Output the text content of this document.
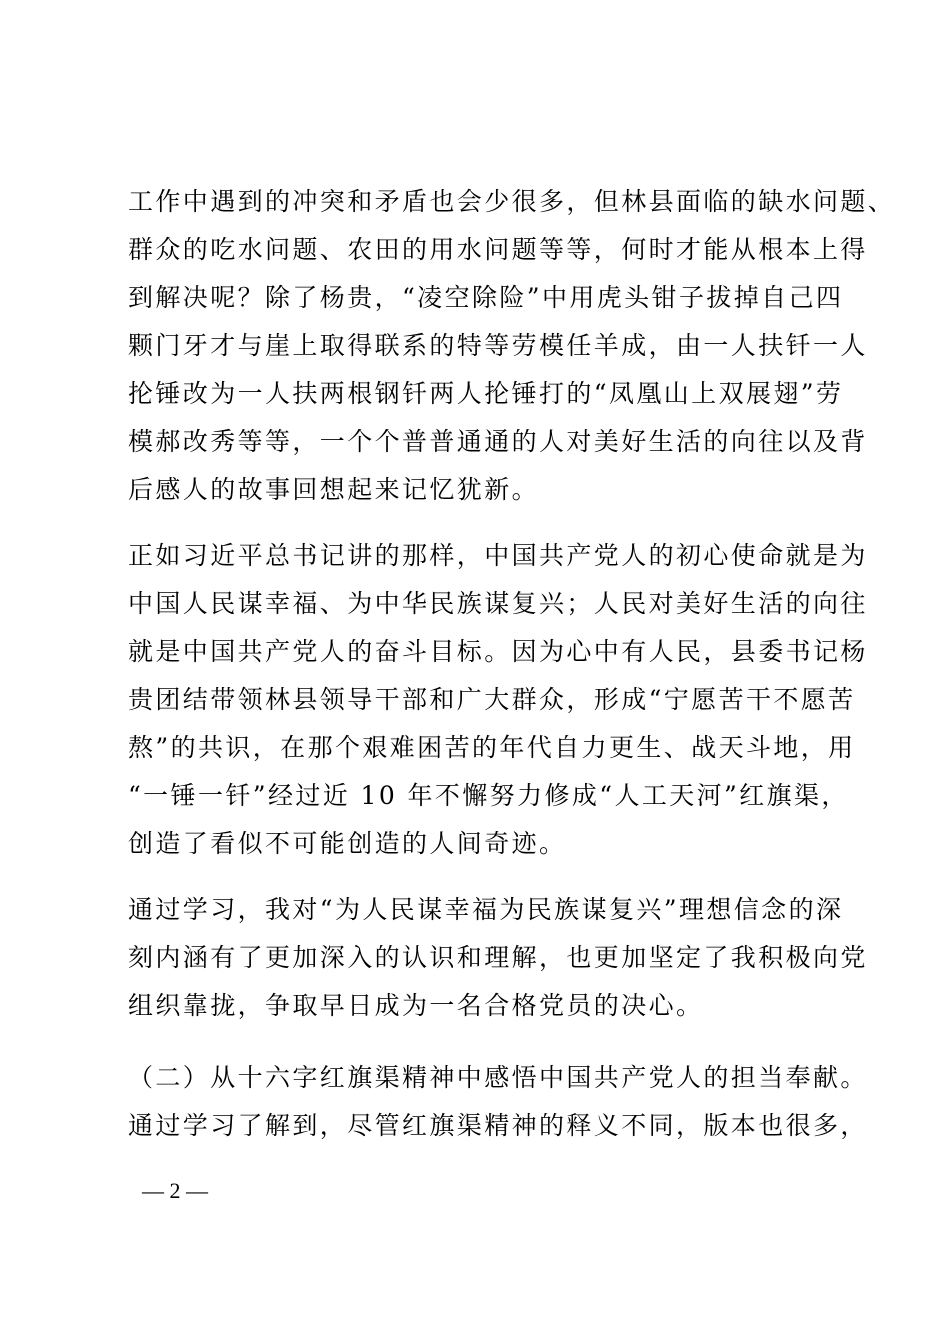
工作中遇到的冲突和矛盾也会少很多，但林县面临的缺水问题、
群众的吃水问题、农田的用水问题等等，何时才能从根本上得
到解决呢？除了杨贵，“凌空除险”中用虎头钳子拔掉自己四
颗门牙才与崖上取得联系的特等劳模任羊成，由一人扶钎一人
抡锤改为一人扶两根钢钎两人抡锤打的“凤凰山上双展翅”劳
模郝改秀等等，一个个普普通通的人对美好生活的向往以及背
后感人的故事回想起来记忆犹新。
正如习近平总书记讲的那样，中国共产党人的初心使命就是为
中国人民谋幸福、为中华民族谋复兴；人民对美好生活的向往
就是中国共产党人的奋斗目标。因为心中有人民，县委书记杨
贵团结带领林县领导干部和广大群众，形成“宁愿苦干不愿苦
熬”的共识，在那个艰难困苦的年代自力更生、战天斗地，用
“一锤一钎”经过近 10 年不懈努力修成“人工天河”红旗渠，
创造了看似不可能创造的人间奇迹。
通过学习，我对“为人民谋幸福为民族谋复兴”理想信念的深
刻内涵有了更加深入的认识和理解，也更加坚定了我积极向党
组织靠拢，争取早日成为一名合格党员的决心。
（二）从十六字红旗渠精神中感悟中国共产党人的担当奉献。
通过学习了解到，尽管红旗渠精神的释义不同，版本也很多，
— 2 —
